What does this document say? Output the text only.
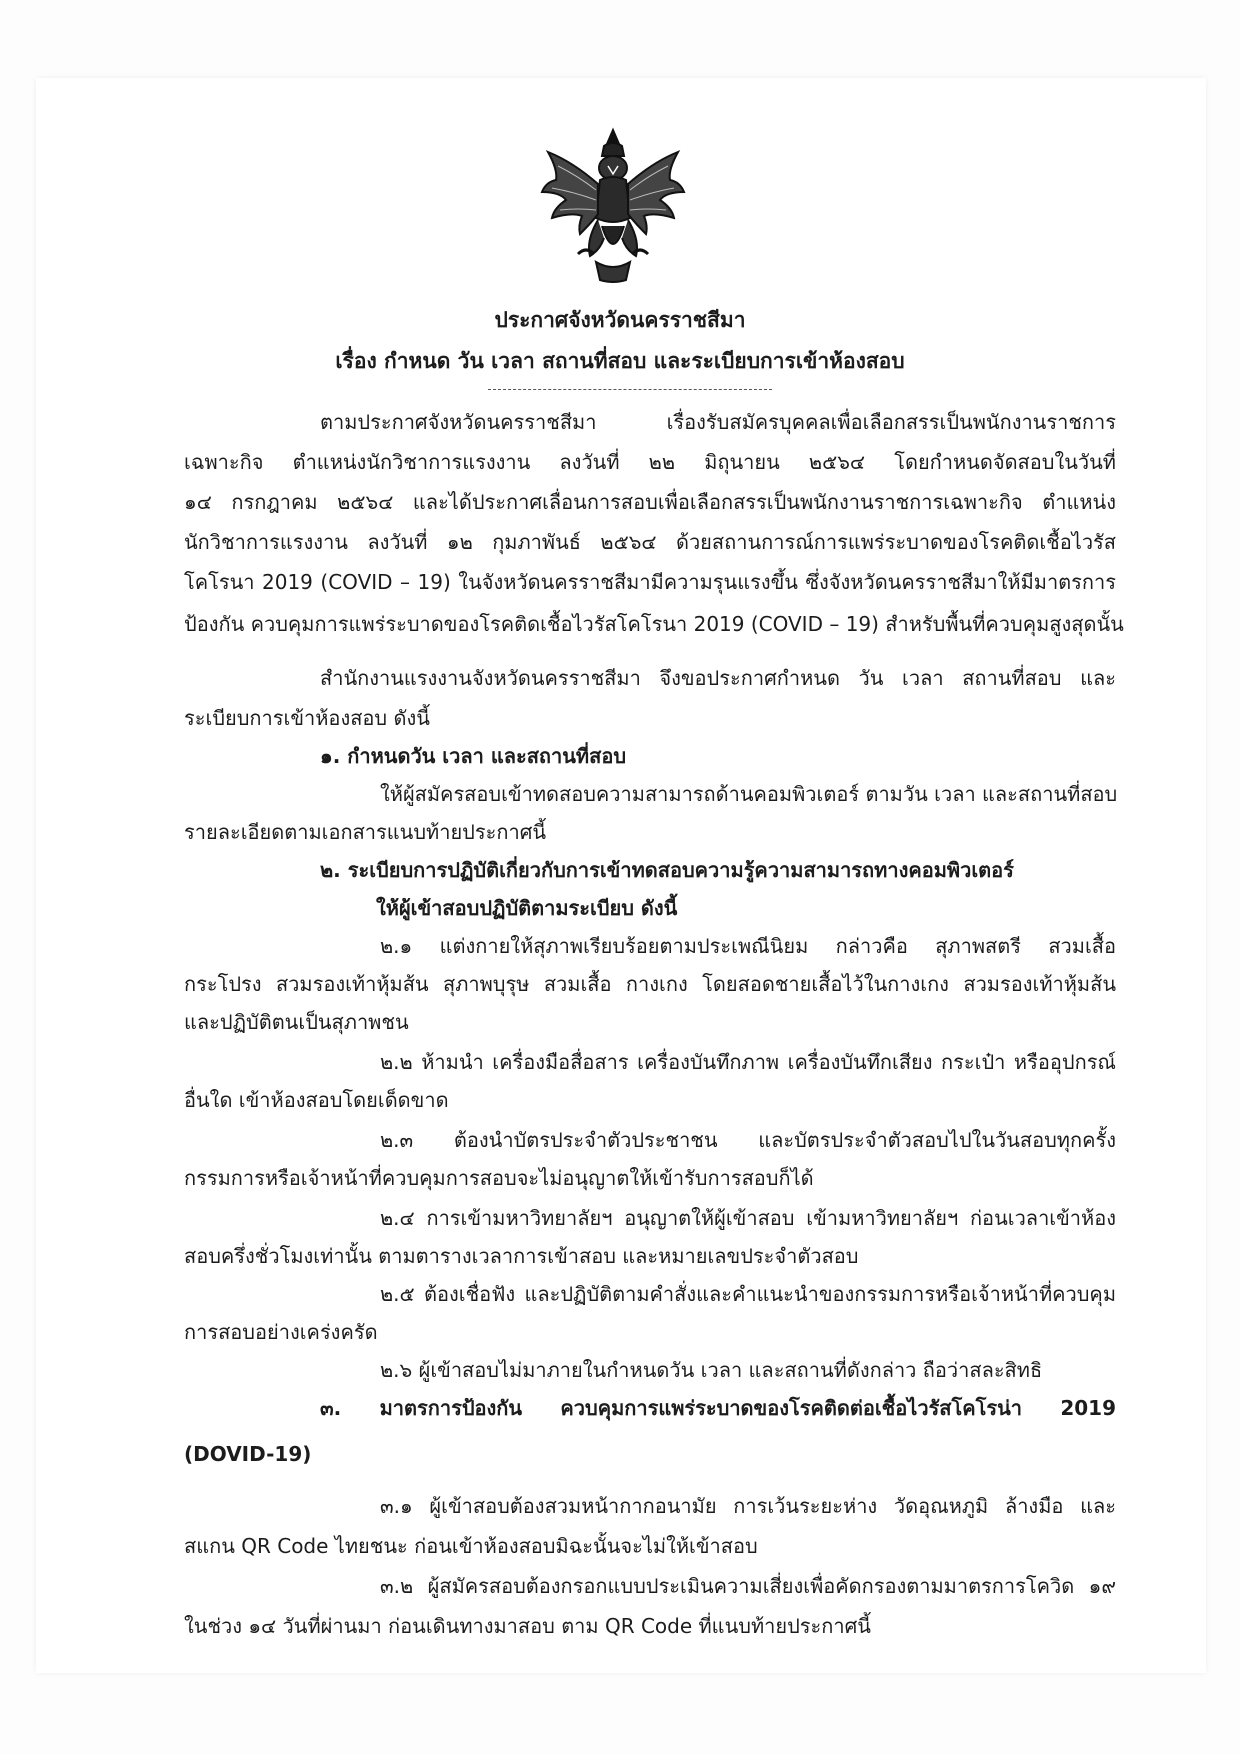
ประกาศจังหวัดนครราชสีมา
เรื่อง กำหนด วัน เวลา สถานที่สอบ และระเบียบการเข้าห้องสอบ
ตามประกาศจังหวัดนครราชสีมา เรื่องรับสมัครบุคคลเพื่อเลือกสรรเป็นพนักงานราชการ
เฉพาะกิจ ตำแหน่งนักวิชาการแรงงาน ลงวันที่ ๒๒ มิถุนายน ๒๕๖๔ โดยกำหนดจัดสอบในวันที่
๑๔ กรกฎาคม ๒๕๖๔ และได้ประกาศเลื่อนการสอบเพื่อเลือกสรรเป็นพนักงานราชการเฉพาะกิจ ตำแหน่ง
นักวิชาการแรงงาน ลงวันที่ ๑๒ กุมภาพันธ์ ๒๕๖๔ ด้วยสถานการณ์การแพร่ระบาดของโรคติดเชื้อไวรัส
โคโรนา 2019 (COVID – 19) ในจังหวัดนครราชสีมามีความรุนแรงขึ้น ซึ่งจังหวัดนครราชสีมาให้มีมาตรการ
ป้องกัน ควบคุมการแพร่ระบาดของโรคติดเชื้อไวรัสโคโรนา 2019 (COVID – 19) สำหรับพื้นที่ควบคุมสูงสุดนั้น
สำนักงานแรงงานจังหวัดนครราชสีมา จึงขอประกาศกำหนด วัน เวลา สถานที่สอบ และ
ระเบียบการเข้าห้องสอบ ดังนี้
๑. กำหนดวัน เวลา และสถานที่สอบ
ให้ผู้สมัครสอบเข้าทดสอบความสามารถด้านคอมพิวเตอร์ ตามวัน เวลา และสถานที่สอบ
รายละเอียดตามเอกสารแนบท้ายประกาศนี้
๒. ระเบียบการปฏิบัติเกี่ยวกับการเข้าทดสอบความรู้ความสามารถทางคอมพิวเตอร์
ให้ผู้เข้าสอบปฏิบัติตามระเบียบ ดังนี้
๒.๑ แต่งกายให้สุภาพเรียบร้อยตามประเพณีนิยม กล่าวคือ สุภาพสตรี สวมเสื้อ
กระโปรง สวมรองเท้าหุ้มส้น สุภาพบุรุษ สวมเสื้อ กางเกง โดยสอดชายเสื้อไว้ในกางเกง สวมรองเท้าหุ้มส้น
และปฏิบัติตนเป็นสุภาพชน
๒.๒ ห้ามนำ เครื่องมือสื่อสาร เครื่องบันทึกภาพ เครื่องบันทึกเสียง กระเป๋า หรืออุปกรณ์
อื่นใด เข้าห้องสอบโดยเด็ดขาด
๒.๓ ต้องนำบัตรประจำตัวประชาชน และบัตรประจำตัวสอบไปในวันสอบทุกครั้ง
กรรมการหรือเจ้าหน้าที่ควบคุมการสอบจะไม่อนุญาตให้เข้ารับการสอบก็ได้
๒.๔ การเข้ามหาวิทยาลัยฯ อนุญาตให้ผู้เข้าสอบ เข้ามหาวิทยาลัยฯ ก่อนเวลาเข้าห้อง
สอบครึ่งชั่วโมงเท่านั้น ตามตารางเวลาการเข้าสอบ และหมายเลขประจำตัวสอบ
๒.๕ ต้องเชื่อฟัง และปฏิบัติตามคำสั่งและคำแนะนำของกรรมการหรือเจ้าหน้าที่ควบคุม
การสอบอย่างเคร่งครัด
๒.๖ ผู้เข้าสอบไม่มาภายในกำหนดวัน เวลา และสถานที่ดังกล่าว ถือว่าสละสิทธิ
๓. มาตรการป้องกัน ควบคุมการแพร่ระบาดของโรคติดต่อเชื้อไวรัสโคโรน่า 2019
(DOVID-19)
๓.๑ ผู้เข้าสอบต้องสวมหน้ากากอนามัย การเว้นระยะห่าง วัดอุณหภูมิ ล้างมือ และ
สแกน QR Code ไทยชนะ ก่อนเข้าห้องสอบมิฉะนั้นจะไม่ให้เข้าสอบ
๓.๒ ผู้สมัครสอบต้องกรอกแบบประเมินความเสี่ยงเพื่อคัดกรองตามมาตรการโควิด ๑๙
ในช่วง ๑๔ วันที่ผ่านมา ก่อนเดินทางมาสอบ ตาม QR Code ที่แนบท้ายประกาศนี้
